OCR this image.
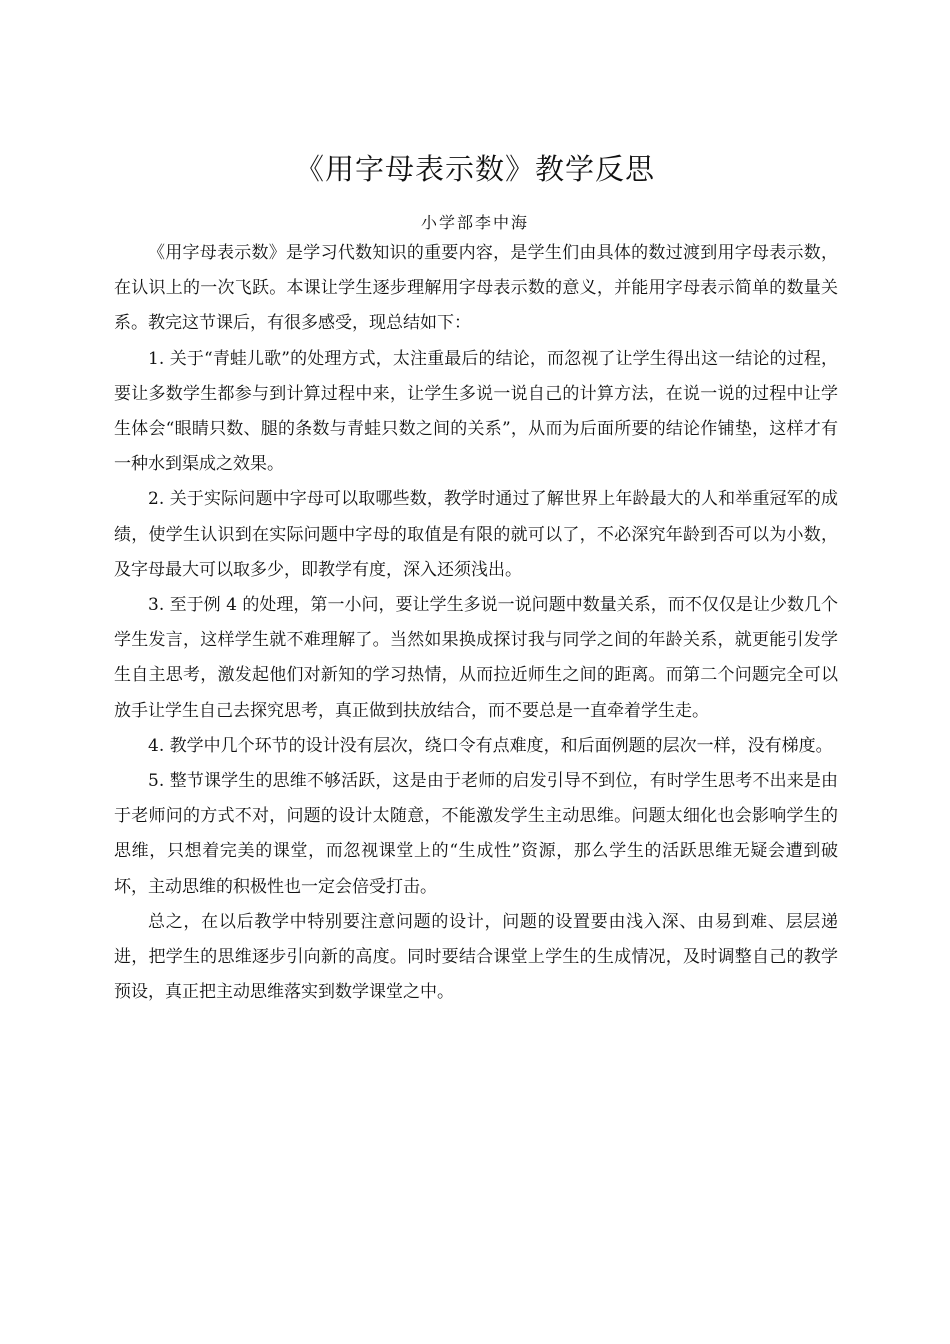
《用字母表示数》教学反思

小学部李中海

《用字母表示数》是学习代数知识的重要内容，是学生们由具体的数过渡到用字母表示数，在认识上的一次飞跃。本课让学生逐步理解用字母表示数的意义，并能用字母表示简单的数量关系。教完这节课后，有很多感受，现总结如下：

1. 关于“青蛙儿歌”的处理方式，太注重最后的结论，而忽视了让学生得出这一结论的过程，要让多数学生都参与到计算过程中来，让学生多说一说自己的计算方法，在说一说的过程中让学生体会“眼睛只数、腿的条数与青蛙只数之间的关系”，从而为后面所要的结论作铺垫，这样才有一种水到渠成之效果。

2. 关于实际问题中字母可以取哪些数，教学时通过了解世界上年龄最大的人和举重冠军的成绩，使学生认识到在实际问题中字母的取值是有限的就可以了，不必深究年龄到否可以为小数，及字母最大可以取多少，即教学有度，深入还须浅出。

3. 至于例 4 的处理，第一小问，要让学生多说一说问题中数量关系，而不仅仅是让少数几个学生发言，这样学生就不难理解了。当然如果换成探讨我与同学之间的年龄关系，就更能引发学生自主思考，激发起他们对新知的学习热情，从而拉近师生之间的距离。而第二个问题完全可以放手让学生自己去探究思考，真正做到扶放结合，而不要总是一直牵着学生走。

4. 教学中几个环节的设计没有层次，绕口令有点难度，和后面例题的层次一样，没有梯度。

5. 整节课学生的思维不够活跃，这是由于老师的启发引导不到位，有时学生思考不出来是由于老师问的方式不对，问题的设计太随意，不能激发学生主动思维。问题太细化也会影响学生的思维，只想着完美的课堂，而忽视课堂上的“生成性”资源，那么学生的活跃思维无疑会遭到破坏，主动思维的积极性也一定会倍受打击。

总之，在以后教学中特别要注意问题的设计，问题的设置要由浅入深、由易到难、层层递进，把学生的思维逐步引向新的高度。同时要结合课堂上学生的生成情况，及时调整自己的教学预设，真正把主动思维落实到数学课堂之中。
